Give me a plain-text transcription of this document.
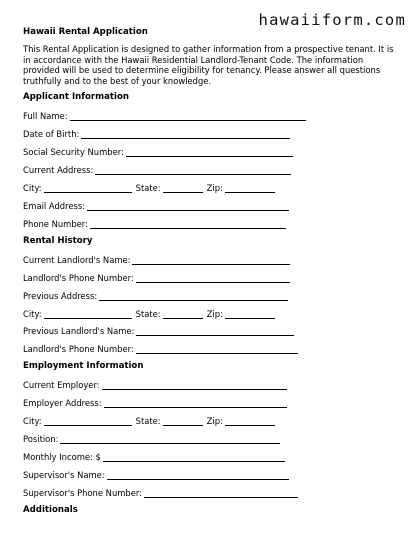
hawaiiform.com
Hawaii Rental Application
This Rental Application is designed to gather information from a prospective tenant. It is in accordance with the Hawaii Residential Landlord-Tenant Code. The information provided will be used to determine eligibility for tenancy. Please answer all questions truthfully and to the best of your knowledge.
Applicant Information
Full Name:
Date of Birth:
Social Security Number:
Current Address:
City:	State:	Zip:
Email Address:
Phone Number:
Rental History
Current Landlord's Name:
Landlord's Phone Number:
Previous Address:
City:	State:	Zip:
Previous Landlord's Name:
Landlord's Phone Number:
Employment Information
Current Employer:
Employer Address:
City:	State:	Zip:
Position:
Monthly Income: $
Supervisor's Name:
Supervisor's Phone Number:
Additionals
